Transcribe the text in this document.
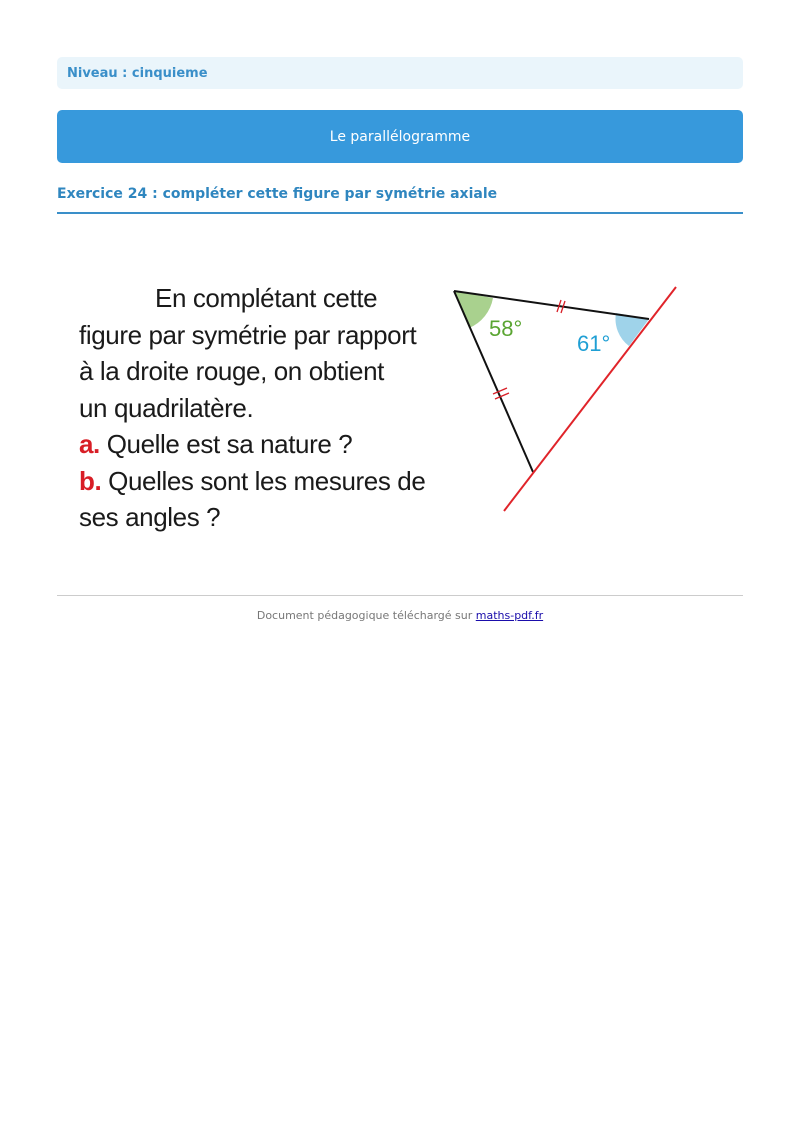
Niveau : cinquieme
Le parallélogramme
Exercice 24 : compléter cette figure par symétrie axiale
En complétant cette
figure par symétrie par rapport
à la droite rouge, on obtient
un quadrilatère.
a. Quelle est sa nature ?
b. Quelles sont les mesures de
ses angles ?
58°
61°
Document pédagogique téléchargé sur maths-pdf.fr
